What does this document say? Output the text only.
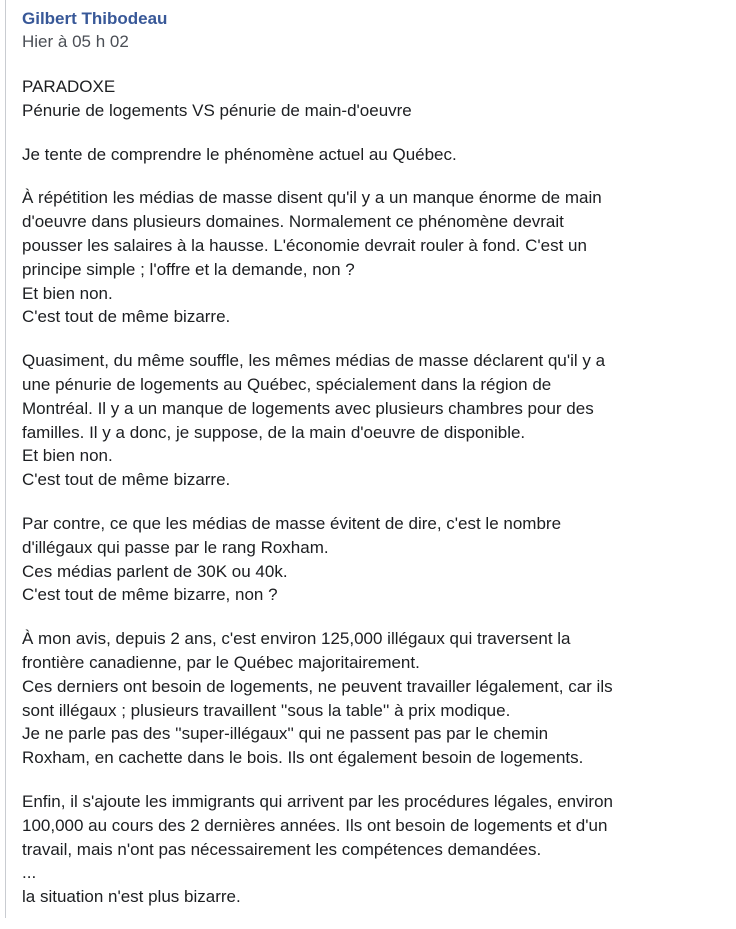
Gilbert Thibodeau
Hier à 05 h 02
PARADOXE
Pénurie de logements VS pénurie de main-d'oeuvre
Je tente de comprendre le phénomène actuel au Québec.
À répétition les médias de masse disent qu'il y a un manque énorme de main
d'oeuvre dans plusieurs domaines. Normalement ce phénomène devrait
pousser les salaires à la hausse. L'économie devrait rouler à fond. C'est un
principe simple ; l'offre et la demande, non ?
Et bien non.
C'est tout de même bizarre.
Quasiment, du même souffle, les mêmes médias de masse déclarent qu'il y a
une pénurie de logements au Québec, spécialement dans la région de
Montréal. Il y a un manque de logements avec plusieurs chambres pour des
familles. Il y a donc, je suppose, de la main d'oeuvre de disponible.
Et bien non.
C'est tout de même bizarre.
Par contre, ce que les médias de masse évitent de dire, c'est le nombre
d'illégaux qui passe par le rang Roxham.
Ces médias parlent de 30K ou 40k.
C'est tout de même bizarre, non ?
À mon avis, depuis 2 ans, c'est environ 125,000 illégaux qui traversent la
frontière canadienne, par le Québec majoritairement.
Ces derniers ont besoin de logements, ne peuvent travailler légalement, car ils
sont illégaux ; plusieurs travaillent ''sous la table'' à prix modique.
Je ne parle pas des ''super-illégaux'' qui ne passent pas par le chemin
Roxham, en cachette dans le bois. Ils ont également besoin de logements.
Enfin, il s'ajoute les immigrants qui arrivent par les procédures légales, environ
100,000 au cours des 2 dernières années. Ils ont besoin de logements et d'un
travail, mais n'ont pas nécessairement les compétences demandées.
...
la situation n'est plus bizarre.
